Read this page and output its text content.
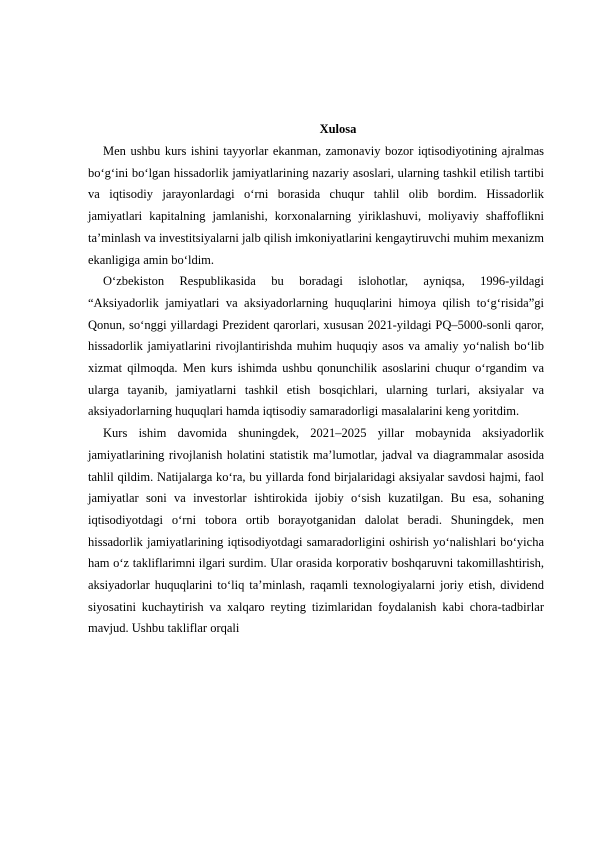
Xulosa

Men ushbu kurs ishini tayyorlar ekanman, zamonaviy bozor iqtisodiyotining ajralmas bo‘g‘ini bo‘lgan hissadorlik jamiyatlarining nazariy asoslari, ularning tashkil etilish tartibi va iqtisodiy jarayonlardagi o‘rni borasida chuqur tahlil olib bordim. Hissadorlik jamiyatlari kapitalning jamlanishi, korxonalarning yiriklashuvi, moliyaviy shaffoflikni ta’minlash va investitsiyalarni jalb qilish imkoniyatlarini kengaytiruvchi muhim mexanizm ekanligiga amin bo‘ldim.

O‘zbekiston Respublikasida bu boradagi islohotlar, ayniqsa, 1996-yildagi “Aksiyadorlik jamiyatlari va aksiyadorlarning huquqlarini himoya qilish to‘g‘risida”gi Qonun, so‘nggi yillardagi Prezident qarorlari, xususan 2021-yildagi PQ–5000-sonli qaror, hissadorlik jamiyatlarini rivojlantirishda muhim huquqiy asos va amaliy yo‘nalish bo‘lib xizmat qilmoqda. Men kurs ishimda ushbu qonunchilik asoslarini chuqur o‘rgandim va ularga tayanib, jamiyatlarni tashkil etish bosqichlari, ularning turlari, aksiyalar va aksiyadorlarning huquqlari hamda iqtisodiy samaradorligi masalalarini keng yoritdim.

Kurs ishim davomida shuningdek, 2021–2025 yillar mobaynida aksiyadorlik jamiyatlarining rivojlanish holatini statistik ma’lumotlar, jadval va diagrammalar asosida tahlil qildim. Natijalarga ko‘ra, bu yillarda fond birjalaridagi aksiyalar savdosi hajmi, faol jamiyatlar soni va investorlar ishtirokida ijobiy o‘sish kuzatilgan. Bu esa, sohaning iqtisodiyotdagi o‘rni tobora ortib borayotganidan dalolat beradi. Shuningdek, men hissadorlik jamiyatlarining iqtisodiyotdagi samaradorligini oshirish yo‘nalishlari bo‘yicha ham o‘z takliflarimni ilgari surdim. Ular orasida korporativ boshqaruvni takomillashtirish, aksiyadorlar huquqlarini to‘liq ta’minlash, raqamli texnologiyalarni joriy etish, dividend siyosatini kuchaytirish va xalqaro reyting tizimlaridan foydalanish kabi chora-tadbirlar mavjud. Ushbu takliflar orqali
